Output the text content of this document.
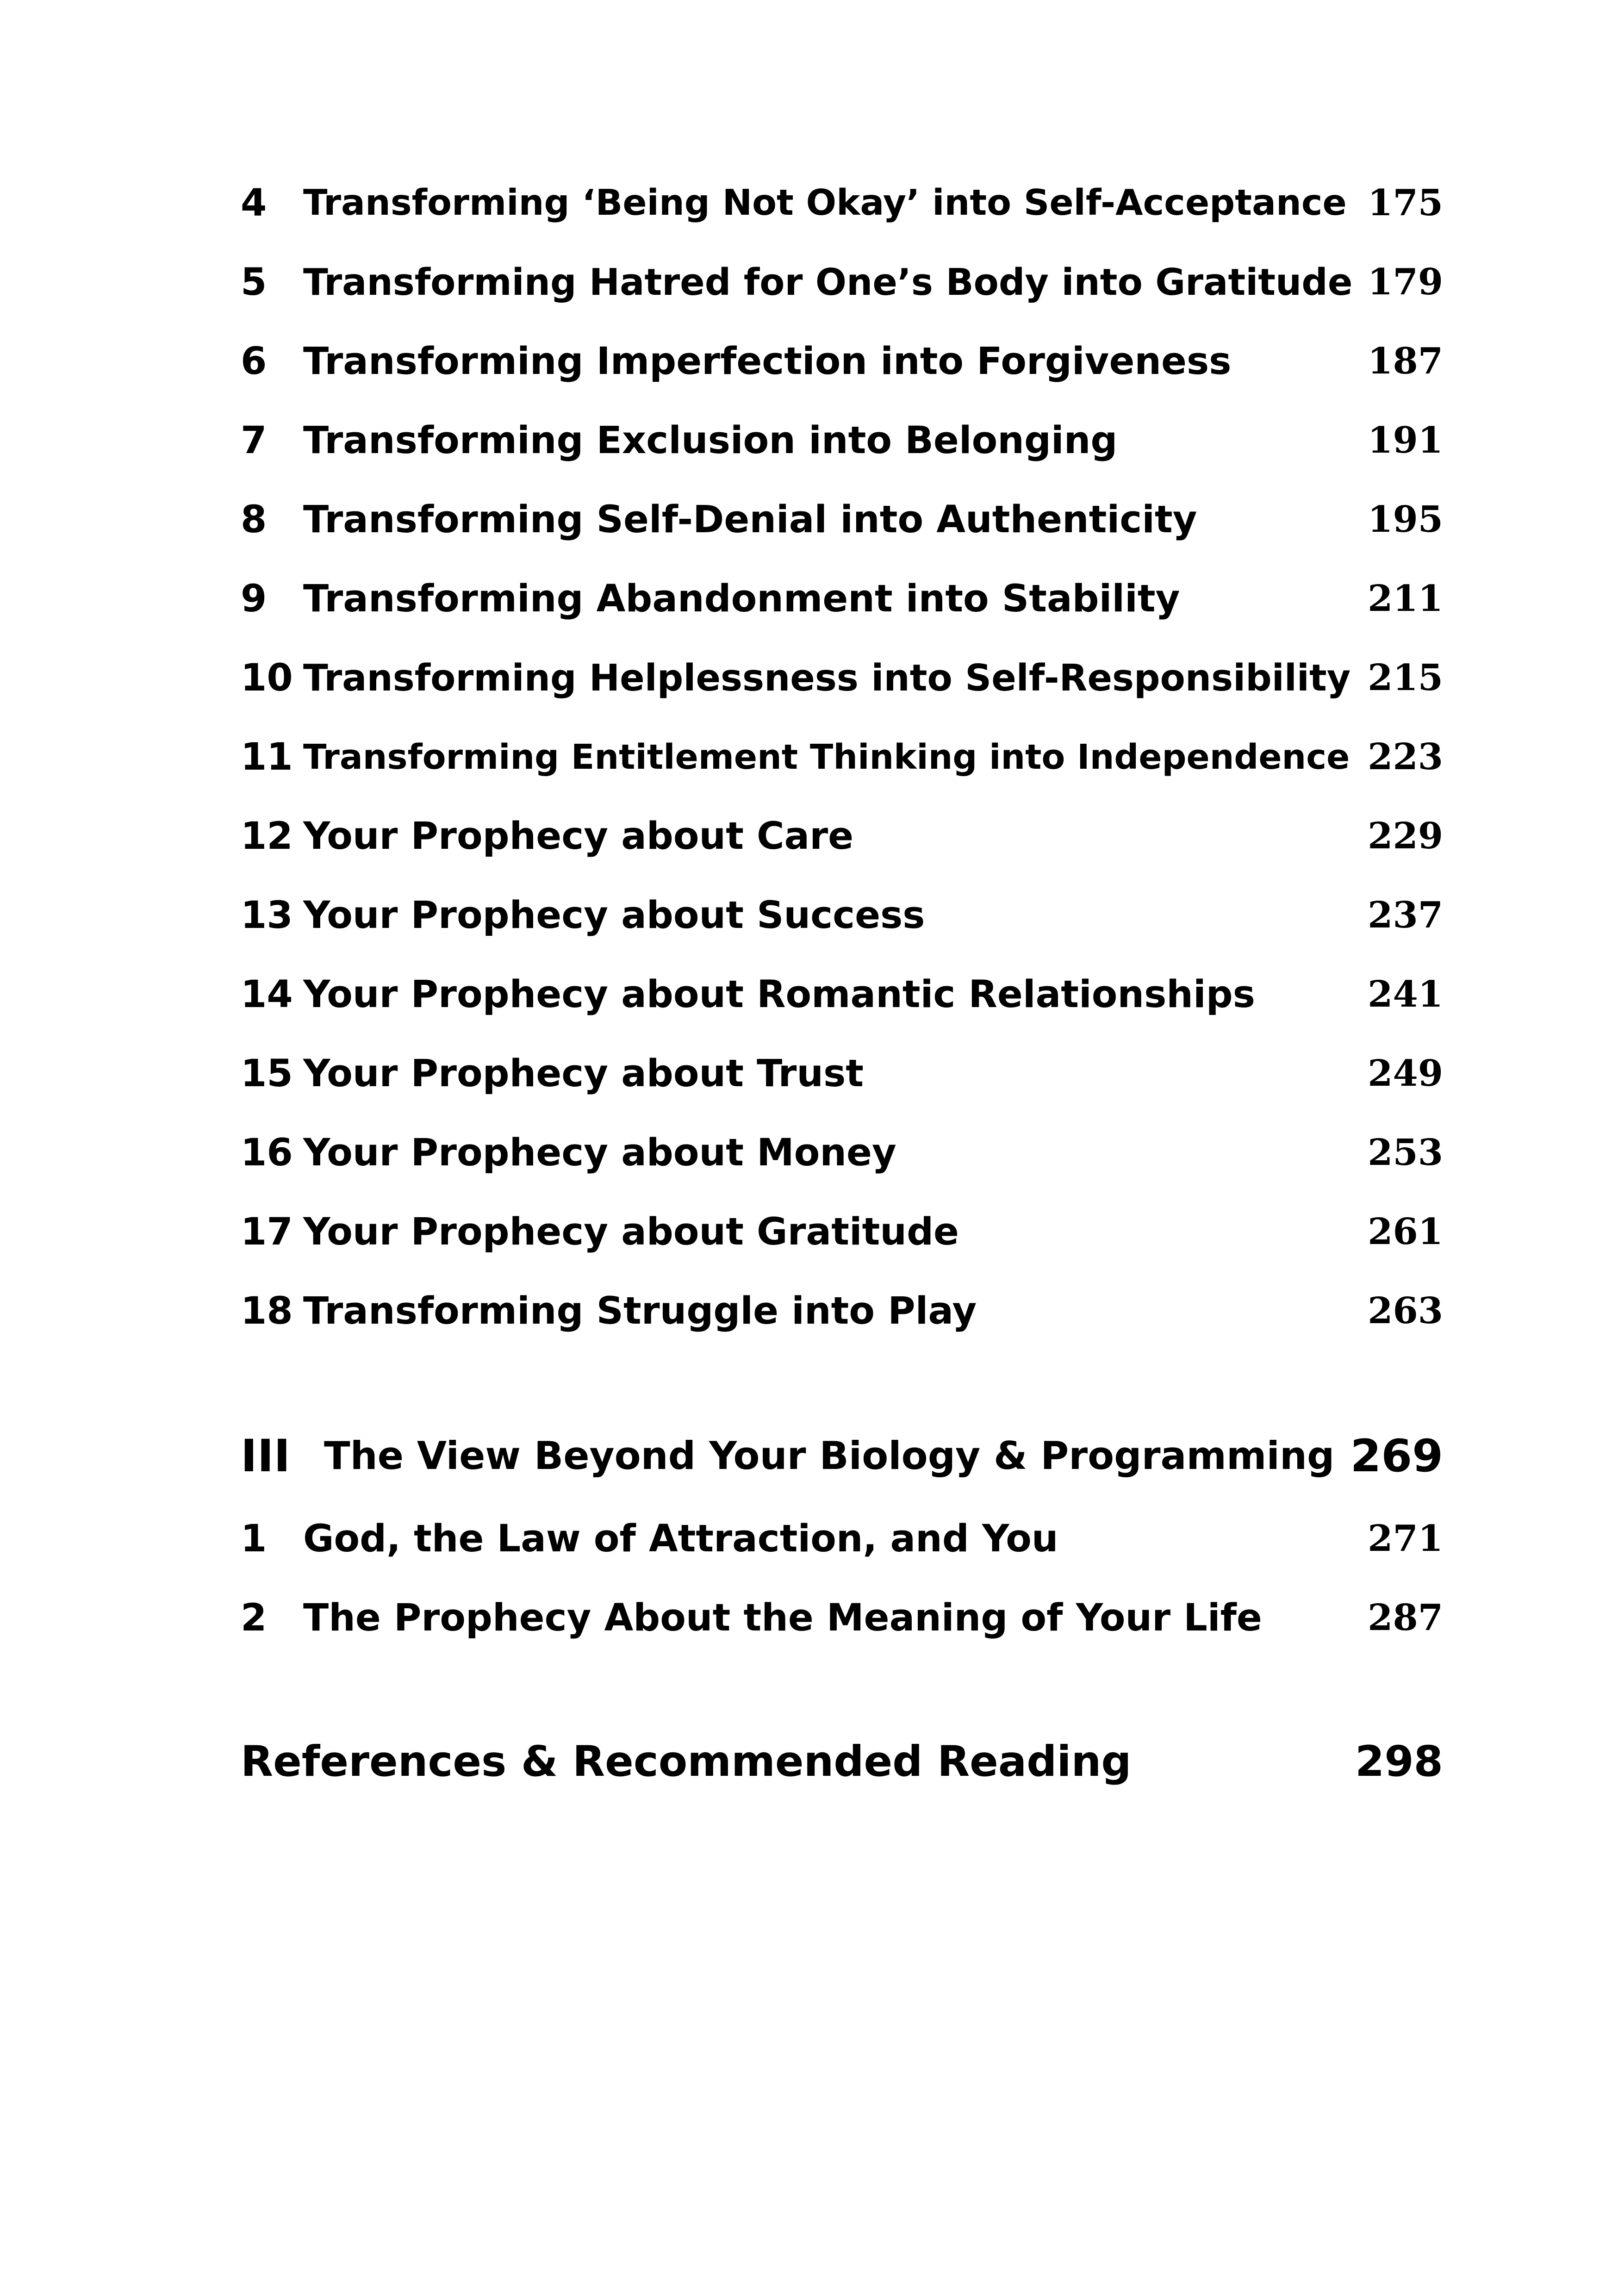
4 Transforming ‘Being Not Okay’ into Self-Acceptance 175
5 Transforming Hatred for One’s Body into Gratitude 179
6 Transforming Imperfection into Forgiveness	187
7 Transforming Exclusion into Belonging	191
8 Transforming Self-Denial into Authenticity	195
9 Transforming Abandonment into Stability	211
10 Transforming Helplessness into Self-Responsibility 215
11 Transforming Entitlement Thinking into Independence 223
12 Your Prophecy about Care	229
13 Your Prophecy about Success	237
14 Your Prophecy about Romantic Relationships	241
15 Your Prophecy about Trust	249
16 Your Prophecy about Money	253
17 Your Prophecy about Gratitude	261
18 Transforming Struggle into Play	263
III The View Beyond Your Biology & Programming 269
1 God, the Law of Attraction, and You	271
2 The Prophecy About the Meaning of Your Life	287
References & Recommended Reading	298
